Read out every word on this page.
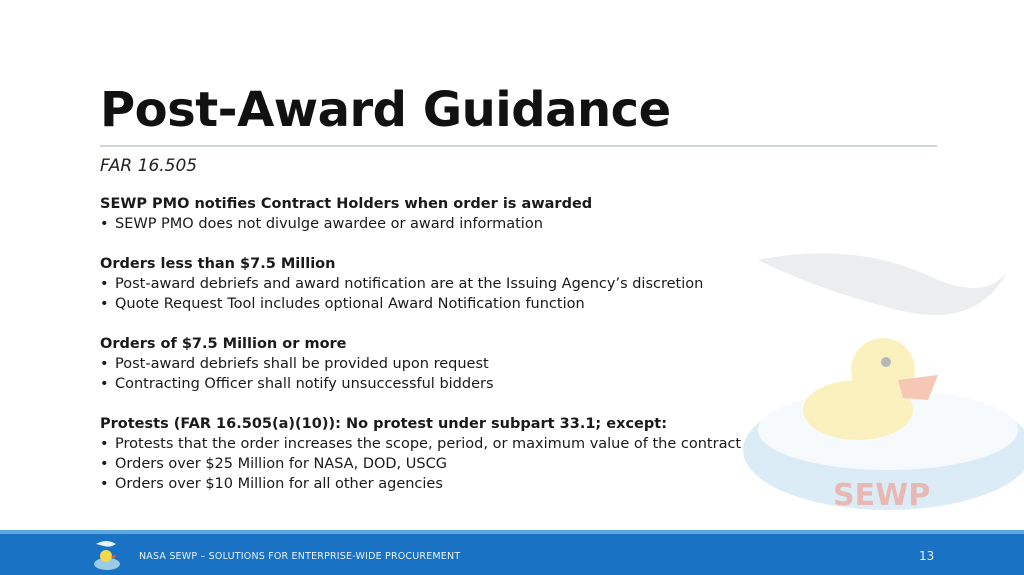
Post-Award Guidance
FAR 16.505
SEWP PMO notifies Contract Holders when order is awarded
• SEWP PMO does not divulge awardee or award information
Orders less than $7.5 Million
• Post-award debriefs and award notification are at the Issuing Agency’s discretion
• Quote Request Tool includes optional Award Notification function
Orders of $7.5 Million or more
• Post-award debriefs shall be provided upon request
• Contracting Officer shall notify unsuccessful bidders
Protests (FAR 16.505(a)(10)): No protest under subpart 33.1; except:
• Protests that the order increases the scope, period, or maximum value of the contract
• Orders over $25 Million for NASA, DOD, USCG
• Orders over $10 Million for all other agencies	SEWP
NASA SEWP – SOLUTIONS FOR ENTERPRISE-WIDE PROCUREMENT	13
